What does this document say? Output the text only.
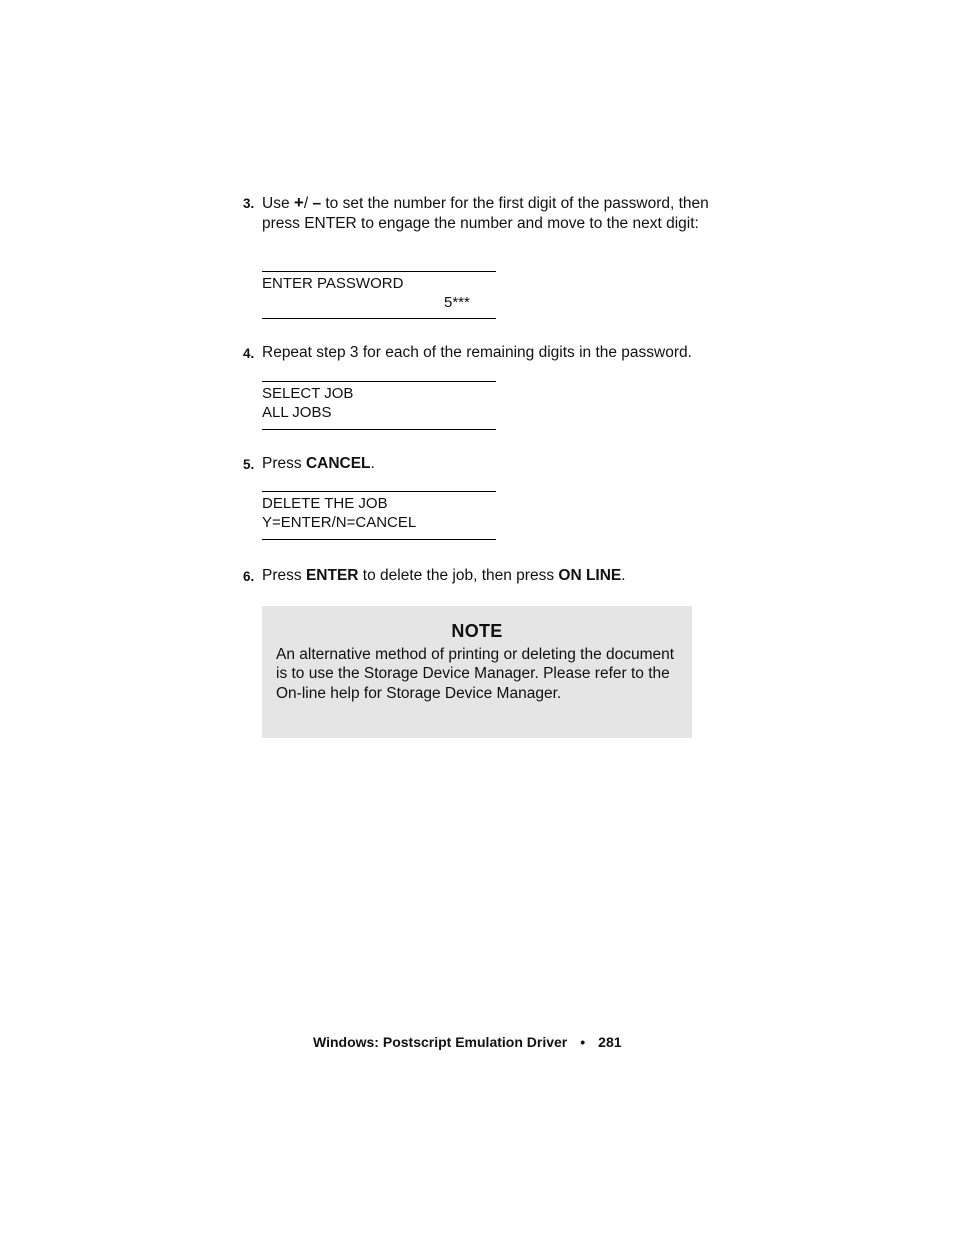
3. Use +/ – to set the number for the first digit of the password, then press ENTER to engage the number and move to the next digit:
ENTER PASSWORD
5***
4. Repeat step 3 for each of the remaining digits in the password.
SELECT JOB
ALL JOBS
5. Press CANCEL.
DELETE THE JOB
Y=ENTER/N=CANCEL
6. Press ENTER to delete the job, then press ON LINE.
NOTE
An alternative method of printing or deleting the document is to use the Storage Device Manager. Please refer to the On-line help for Storage Device Manager.
Windows: Postscript Emulation Driver • 281
